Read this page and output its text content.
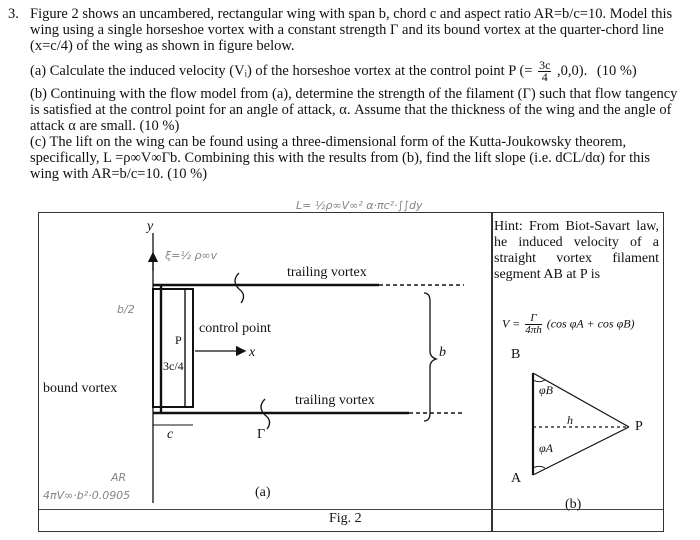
3. Figure 2 shows an uncambered, rectangular wing with span b, chord c and aspect ratio AR=b/c=10. Model this wing using a single horseshoe vortex with a constant strength Γ and its bound vortex at the quarter-chord line (x=c/4) of the wing as shown in figure below.

(a) Calculate the induced velocity (Vᵢ) of the horseshoe vortex at the control point P (= $\frac{3c}{4} ,0,0$). (10 %)

(b) Continuing with the flow model from (a), determine the strength of the filament (Γ) such that flow tangency is satisfied at the control point for an angle of attack, α. Assume that the thickness of the wing and the angle of attack α are small. (10 %)

(c) The lift on the wing can be found using a three-dimensional form of the Kutta-Joukowsky theorem, specifically, L =ρ∞V∞Γb. Combining this with the results from (b), find the lift slope (i.e. dCL/dα) for this wing with AR=b/c=10. (10 %)

L= ½ρ∞V∞² α·πc²·∫∫dy
y
trailing vortex
control point
x	b
P
3c/4
bound vortex
trailing vortex
c	Γ
(a)
Fig. 2
b/2
ξ=½ ρ∞v
AR
4πV∞·b²·0.0905
Hint: From Biot-Savart law, he induced velocity of a straight vortex filament segment AB at P is
$V = \frac{\Gamma}{4\pi h} (\cos$ φA + cos φB)
B
φB
h	P
φA
A
(b)
